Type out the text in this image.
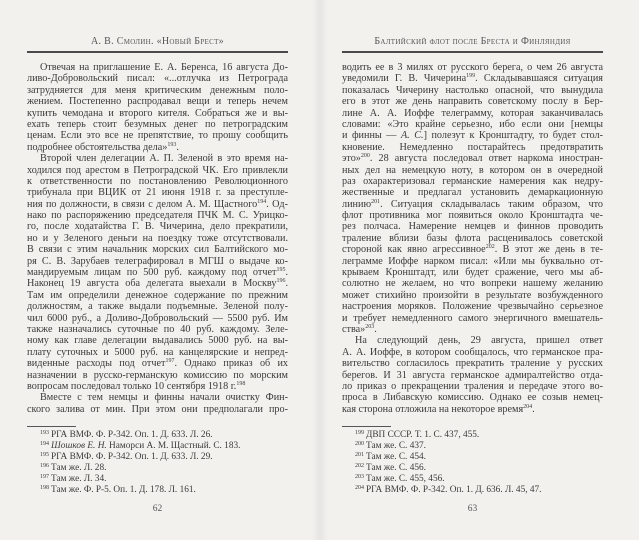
А. В. Смолин. «Новый Брест»
Отвечая на приглашение Е. А. Беренса, 16 августа До-
ливо-Добровольский писал: «...отлучка из Петрограда
затрудняется для меня критическим денежным поло-
жением. Постепенно распродавал вещи и теперь нечем
купить чемодана и второго кителя. Собраться же и вы-
ехать теперь стоит безумных денег по петроградским
ценам. Если это все не препятствие, то прошу сообщить
подробнее обстоятельства дела»$^{193}$.
Второй член делегации А. П. Зеленой в это время на-
ходился под арестом в Петроградской ЧК. Его привлекли
к ответственности по постановлению Революционного
трибунала при ВЦИК от 21 июня 1918 г. за преступле-
ния по должности, в связи с делом А. М. Щастного$^{194}$. Од-
нако по распоряжению председателя ПЧК М. С. Урицко-
го, после ходатайства Г. В. Чичерина, дело прекратили,
но и у Зеленого деньги на поездку тоже отсутствовали.
В связи с этим начальник морских сил Балтийского мо-
ря С. В. Зарубаев телеграфировал в МГШ о выдаче ко-
мандируемым лицам по 500 руб. каждому под отчет$^{195}$.
Наконец 19 августа оба делегата выехали в Москву$^{196}$.
Там им определили денежное содержание по прежним
должностям, а также выдали подъемные. Зеленой полу-
чил 6000 руб., а Доливо-Добровольский — 5500 руб. Им
также назначались суточные по 40 руб. каждому. Зеле-
ному как главе делегации выдавались 5000 руб. на вы-
плату суточных и 5000 руб. на канцелярские и непред-
виденные расходы под отчет$^{197}$. Однако приказ об их
назначении в русско-германскую комиссию по морским
вопросам последовал только 10 сентября 1918 г.$^{198}$
Вместе с тем немцы и финны начали очистку Фин-
ского залива от мин. При этом они предполагали про-
$^{193}$ РГА ВМФ. Ф. Р-342. Оп. 1. Д. 633. Л. 26.
$^{194}$ Шошков Е. Н. Наморси А. М. Щастный. С. 183.
$^{195}$ РГА ВМФ. Ф. Р-342. Оп. 1. Д. 633. Л. 29.
$^{196}$ Там же. Л. 28.
$^{197}$ Там же. Л. 34.
$^{198}$ Там же. Ф. Р-5. Оп. 1. Д. 178. Л. 161.
62
Балтийский флот после Бреста и Финляндия
водить ее в 3 милях от русского берега, о чем 26 августа
уведомили Г. В. Чичерина$^{199}$. Складывавшаяся ситуация
показалась Чичерину настолько опасной, что вынудила
его в этот же день направить советскому послу в Бер-
лине А. А. Иоффе телеграмму, которая заканчивалась
словами: «Это крайне серьезно, ибо если они [немцы
и финны — А. С.] полезут к Кронштадту, то будет стол-
кновение. Немедленно постарайтесь предотвратить
это»$^{200}$. 28 августа последовал ответ наркома иностран-
ных дел на немецкую ноту, в котором он в очередной
раз охарактеризовал германские намерения как недру-
жественные и предлагал установить демаркационную
линию$^{201}$. Ситуация складывалась таким образом, что
флот противника мог появиться около Кронштадта че-
рез полчаса. Намерение немцев и финнов проводить
траление вблизи базы флота расценивалось советской
стороной как явно агрессивное$^{202}$. В этот же день в те-
леграмме Иоффе нарком писал: «Или мы буквально от-
крываем Кронштадт, или будет сражение, чего мы аб-
солютно не желаем, но что вопреки нашему желанию
может стихийно произойти в результате возбужденного
настроения моряков. Положение чрезвычайно серьезное
и требует немедленного самого энергичного вмешатель-
ства»$^{203}$.
На следующий день, 29 августа, пришел ответ
А. А. Иоффе, в котором сообщалось, что германское пра-
вительство согласилось прекратить траление у русских
берегов. И 31 августа германское адмиралтейство отда-
ло приказ о прекращении траления и передаче этого во-
проса в Либавскую комиссию. Однако ее созыв немец-
кая сторона отложила на некоторое время$^{204}$.
$^{199}$ ДВП СССР. Т. 1. С. 437, 455.
$^{200}$ Там же. С. 437.
$^{201}$ Там же. С. 454.
$^{202}$ Там же. С. 456.
$^{203}$ Там же. С. 455, 456.
$^{204}$ РГА ВМФ. Ф. Р-342. Оп. 1. Д. 636. Л. 45, 47.
63
